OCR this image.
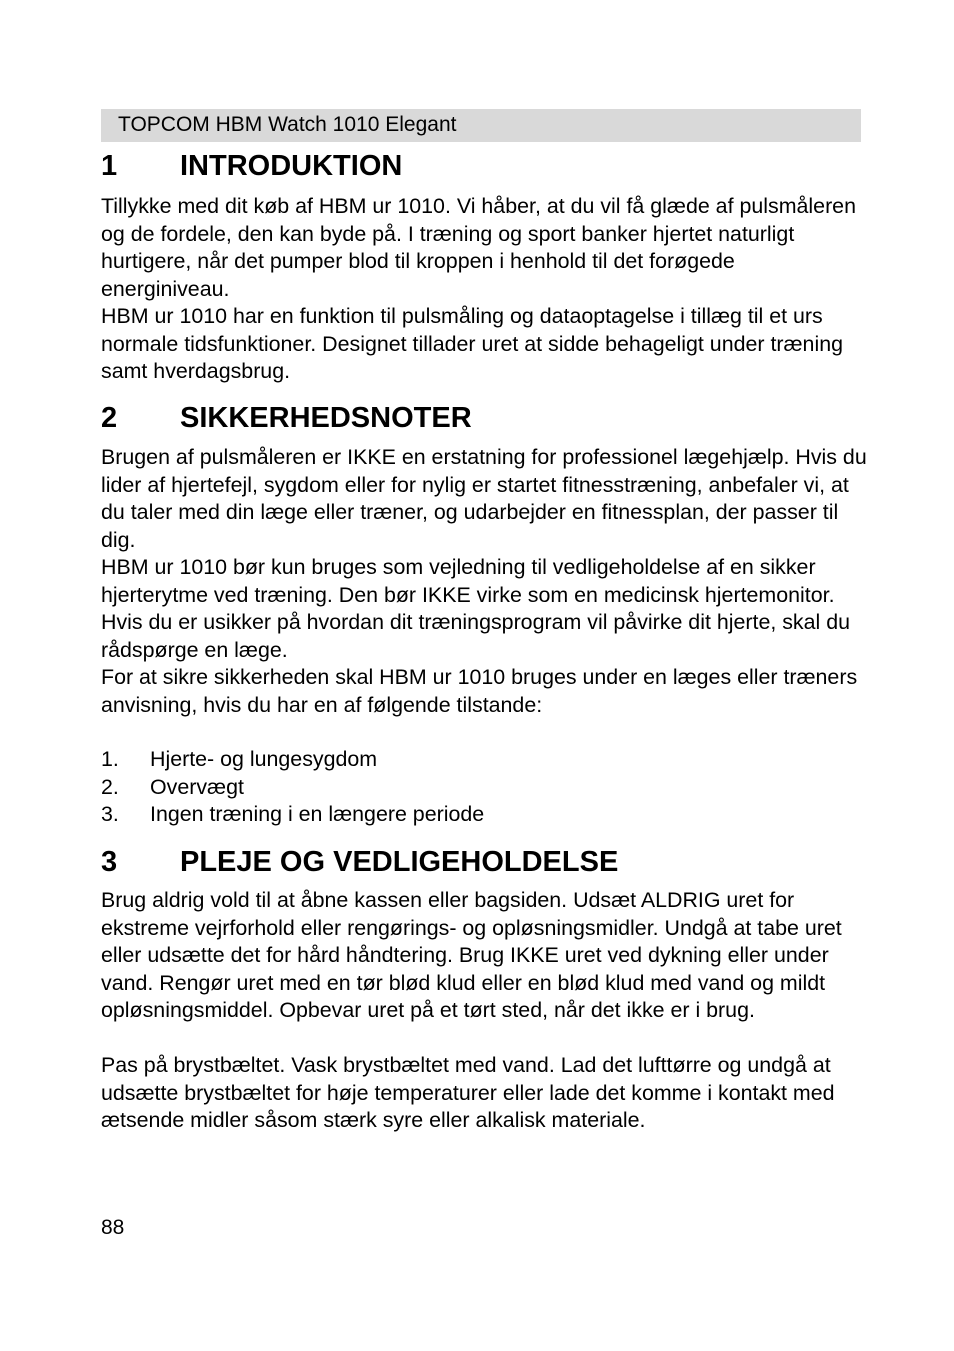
TOPCOM HBM Watch 1010 Elegant
1 INTRODUKTION

Tillykke med dit køb af HBM ur 1010. Vi håber, at du vil få glæde af pulsmåleren og de fordele, den kan byde på. I træning og sport banker hjertet naturligt hurtigere, når det pumper blod til kroppen i henhold til det forøgede energiniveau.

HBM ur 1010 har en funktion til pulsmåling og dataoptagelse i tillæg til et urs normale tidsfunktioner. Designet tillader uret at sidde behageligt under træning samt hverdagsbrug.

2 SIKKERHEDSNOTER

Brugen af pulsmåleren er IKKE en erstatning for professionel lægehjælp. Hvis du lider af hjertefejl, sygdom eller for nylig er startet fitnesstræning, anbefaler vi, at du taler med din læge eller træner, og udarbejder en fitnessplan, der passer til dig.

HBM ur 1010 bør kun bruges som vejledning til vedligeholdelse af en sikker hjerterytme ved træning. Den bør IKKE virke som en medicinsk hjertemonitor. Hvis du er usikker på hvordan dit træningsprogram vil påvirke dit hjerte, skal du rådspørge en læge.

For at sikre sikkerheden skal HBM ur 1010 bruges under en læges eller træners anvisning, hvis du har en af følgende tilstande:

1. Hjerte- og lungesygdom
2. Overvægt
3. Ingen træning i en længere periode
3 PLEJE OG VEDLIGEHOLDELSE

Brug aldrig vold til at åbne kassen eller bagsiden. Udsæt ALDRIG uret for ekstreme vejrforhold eller rengørings- og opløsningsmidler. Undgå at tabe uret eller udsætte det for hård håndtering. Brug IKKE uret ved dykning eller under vand. Rengør uret med en tør blød klud eller en blød klud med vand og mildt opløsningsmiddel. Opbevar uret på et tørt sted, når det ikke er i brug.

Pas på brystbæltet. Vask brystbæltet med vand. Lad det lufttørre og undgå at udsætte brystbæltet for høje temperaturer eller lade det komme i kontakt med ætsende midler såsom stærk syre eller alkalisk materiale.

88
